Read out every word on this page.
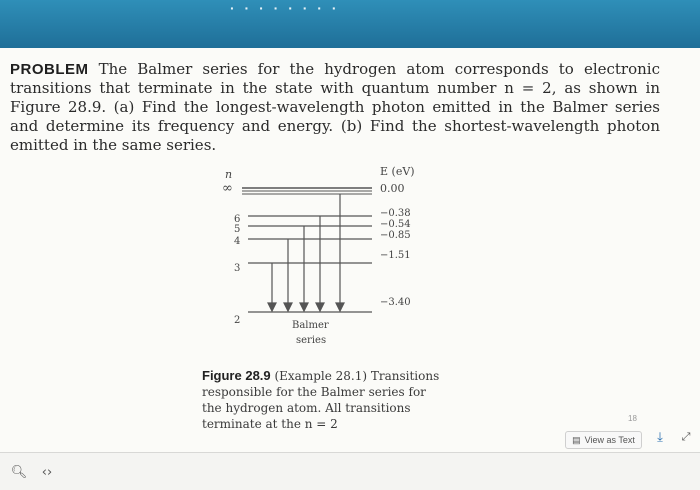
· · · · · · · ·
PROBLEM The Balmer series for the hydrogen atom corresponds to electronic transitions that terminate in the state with quantum number n = 2, as shown in Figure 28.9. (a) Find the longest-wavelength photon emitted in the Balmer series and determine its frequency and energy. (b) Find the shortest-wavelength photon emitted in the same series.
n	E (eV)
∞	0.00
6
−0.38
5	−0.54
4
−0.85
3
−1.51
2
−3.40
Balmer
series
Figure 28.9 (Example 28.1) Transitions responsible for the Balmer series for the hydrogen atom. All transitions terminate at the n = 2	18
▤ View as Text	⤓	⤢
🔍︎	‹›
